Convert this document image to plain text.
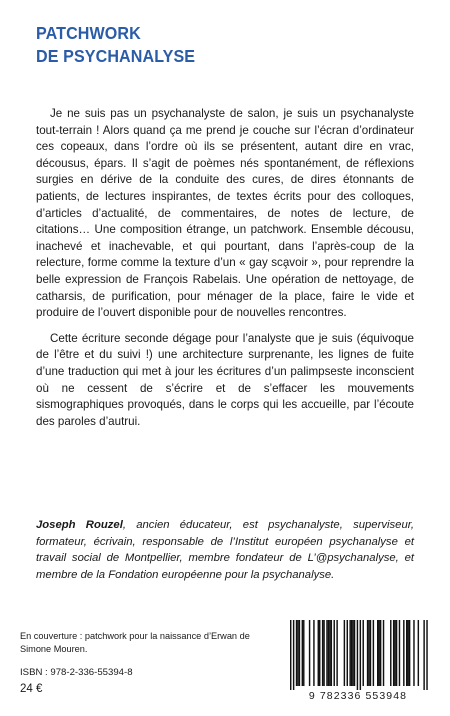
PATCHWORK
DE PSYCHANALYSE

Je ne suis pas un psychanalyste de salon, je suis un psychanalyste tout-terrain ! Alors quand ça me prend je couche sur l’écran d’ordinateur ces copeaux, dans l’ordre où ils se présentent, autant dire en vrac, décousus, épars. Il s’agit de poèmes nés spontanément, de réflexions surgies en dérive de la conduite des cures, de dires étonnants de patients, de lectures inspirantes, de textes écrits pour des colloques, d’articles d’actualité, de commentaires, de notes de lecture, de citations… Une composition étrange, un patchwork. Ensemble décousu, inachevé et inachevable, et qui pourtant, dans l’après-coup de la relecture, forme comme la texture d’un « gay sca̧voir », pour reprendre la belle expression de François Rabelais. Une opération de nettoyage, de catharsis, de purification, pour ménager de la place, faire le vide et produire de l’ouvert disponible pour de nouvelles rencontres.

Cette écriture seconde dégage pour l’analyste que je suis (équivoque de l’être et du suivi !) une architecture surprenante, les lignes de fuite d’une traduction qui met à jour les écritures d’un palimpseste inconscient où ne cessent de s’écrire et de s’effacer les mouvements sismographiques provoqués, dans le corps qui les accueille, par l’écoute des paroles d’autrui.

Joseph Rouzel, ancien éducateur, est psychanalyste, superviseur, formateur, écrivain, responsable de l’Institut européen psychanalyse et travail social de Montpellier, membre fondateur de L’@psychanalyse, et membre de la Fondation européenne pour la psychanalyse.
En couverture : patchwork pour la naissance d’Erwan de Simone Mouren.
ISBN : 978-2-336-55394-8
24 €
9 782336 553948
